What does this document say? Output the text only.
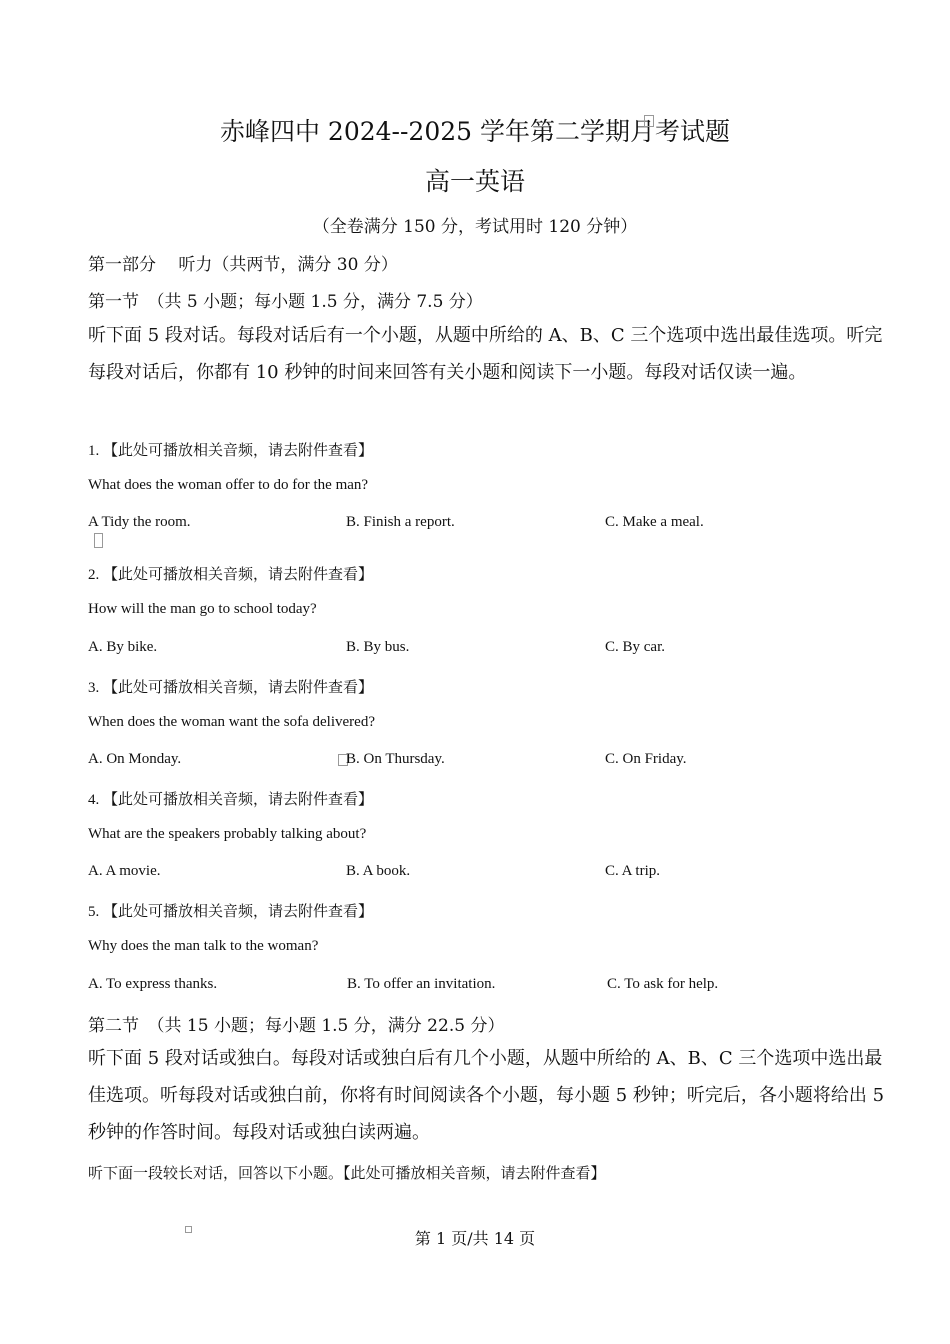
赤峰四中 2024--2025 学年第二学期月考试题
高一英语
（全卷满分 150 分，考试用时 120 分钟）
第一部分　 听力（共两节，满分 30 分）
第一节　（共 5 小题；每小题 1.5 分，满分 7.5 分）
听下面 5 段对话。每段对话后有一个小题，从题中所给的 A、B、C 三个选项中选出最佳选项。听完每段对话后，你都有 10 秒钟的时间来回答有关小题和阅读下一小题。每段对话仅读一遍。
1. 【此处可播放相关音频，请去附件查看】
What does the woman offer to do for the man?
A Tidy the room.	B. Finish a report.	C. Make a meal.
2. 【此处可播放相关音频，请去附件查看】
How will the man go to school today?
A. By bike.	B. By bus.	C. By car.
3. 【此处可播放相关音频，请去附件查看】
When does the woman want the sofa delivered?
A. On Monday.	B. On Thursday.	C. On Friday.
4. 【此处可播放相关音频，请去附件查看】
What are the speakers probably talking about?
A. A movie.	B. A book.	C. A trip.
5. 【此处可播放相关音频，请去附件查看】
Why does the man talk to the woman?
A. To express thanks.	B. To offer an invitation.	C. To ask for help.
第二节　（共 15 小题；每小题 1.5 分，满分 22.5 分）
听下面 5 段对话或独白。每段对话或独白后有几个小题，从题中所给的 A、B、C 三个选项中选出最佳选项。听每段对话或独白前，你将有时间阅读各个小题，每小题 5 秒钟；听完后，各小题将给出 5 秒钟的作答时间。每段对话或独白读两遍。
听下面一段较长对话，回答以下小题。【此处可播放相关音频，请去附件查看】
第 1 页/共 14 页
